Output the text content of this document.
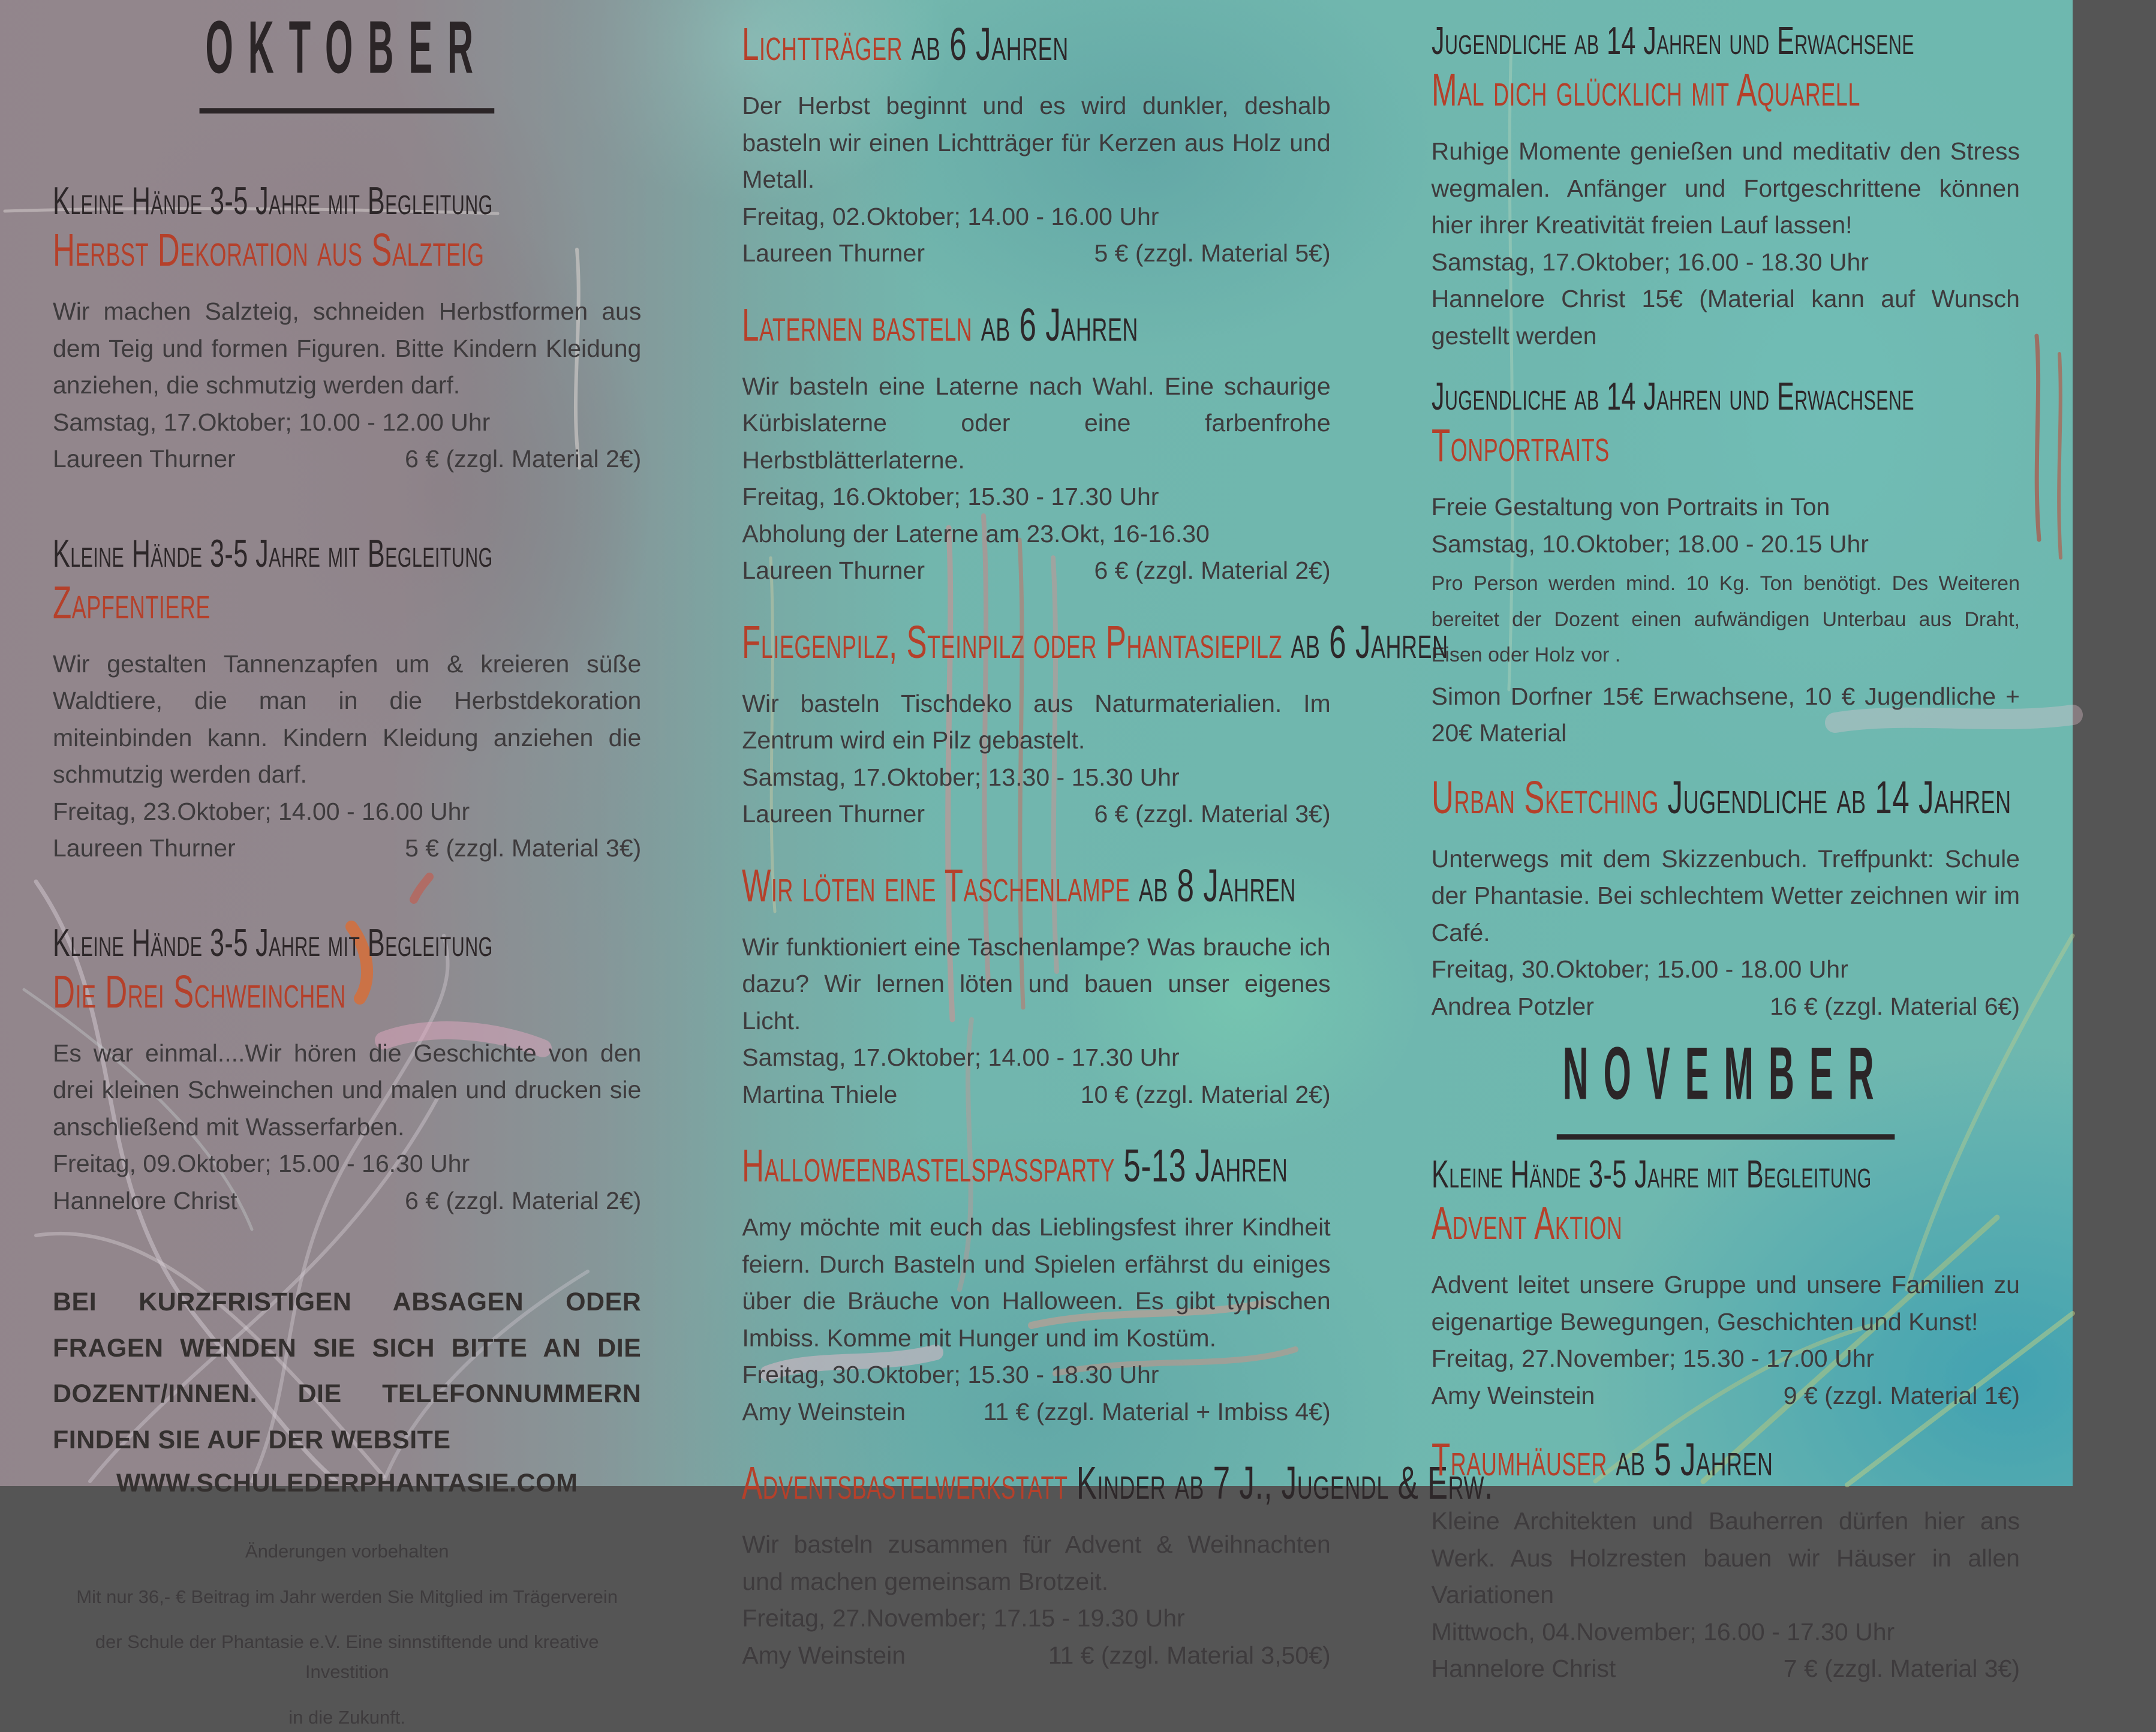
OKTOBER
Kleine Hände 3-5 Jahre mit Begleitung
Herbst Dekoration aus Salzteig

Wir machen Salzteig, schneiden Herbstformen aus dem Teig und formen Figuren. Bitte Kindern Kleidung anziehen, die schmutzig werden darf.

Samstag, 17.Oktober; 10.00 - 12.00 Uhr

Laureen Thurner	6 € (zzgl. Material 2€)

Kleine Hände 3-5 Jahre mit Begleitung
Zapfentiere

Wir gestalten Tannenzapfen um & kreieren süße Waldtiere, die man in die Herbstdekoration miteinbinden kann. Kindern Kleidung anziehen die schmutzig werden darf.

Freitag, 23.Oktober; 14.00 - 16.00 Uhr

Laureen Thurner	5 € (zzgl. Material 3€)

Kleine Hände 3-5 Jahre mit Begleitung
Die Drei Schweinchen

Es war einmal....Wir hören die Geschichte von den drei kleinen Schweinchen und malen und drucken sie anschließend mit Wasserfarben.

Freitag, 09.Oktober; 15.00 - 16.30 Uhr

Hannelore Christ	6 € (zzgl. Material 2€)

BEI KURZFRISTIGEN ABSAGEN ODER FRAGEN WENDEN SIE SICH BITTE AN DIE DOZENT/INNEN. DIE TELEFONNUMMERN FINDEN SIE AUF DER WEBSITE

WWW.SCHULEDERPHANTASIE.COM

Änderungen vorbehalten
Mit nur 36,- € Beitrag im Jahr werden Sie Mitglied im Trägerverein
der Schule der Phantasie e.V. Eine sinnstiftende und kreative Investition
in die Zukunft.
Lichtträger ab 6 Jahren

Der Herbst beginnt und es wird dunkler, deshalb basteln wir einen Lichtträger für Kerzen aus Holz und Metall.

Freitag, 02.Oktober; 14.00 - 16.00 Uhr

Laureen Thurner	5 € (zzgl. Material 5€)

Laternen basteln ab 6 Jahren

Wir basteln eine Laterne nach Wahl. Eine schaurige Kürbislaterne oder eine farbenfrohe Herbstblätterlaterne.

Freitag, 16.Oktober; 15.30 - 17.30 Uhr

Abholung der Laterne am 23.Okt, 16-16.30

Laureen Thurner	6 € (zzgl. Material 2€)

Fliegenpilz, Steinpilz oder Phantasiepilz ab 6 Jahren

Wir basteln Tischdeko aus Naturmaterialien. Im Zentrum wird ein Pilz gebastelt.

Samstag, 17.Oktober; 13.30 - 15.30 Uhr

Laureen Thurner	6 € (zzgl. Material 3€)

Wir löten eine Taschenlampe ab 8 Jahren

Wir funktioniert eine Taschenlampe? Was brauche ich dazu? Wir lernen löten und bauen unser eigenes Licht.

Samstag, 17.Oktober; 14.00 - 17.30 Uhr

Martina Thiele	10 € (zzgl. Material 2€)

Halloweenbastelspassparty 5-13 Jahren

Amy möchte mit euch das Lieblingsfest ihrer Kindheit feiern. Durch Basteln und Spielen erfährst du einiges über die Bräuche von Halloween. Es gibt typischen Imbiss. Komme mit Hunger und im Kostüm.

Freitag, 30.Oktober; 15.30 - 18.30 Uhr

Amy Weinstein	11 € (zzgl. Material + Imbiss 4€)

Adventsbastelwerkstatt Kinder ab 7 J., Jugendl & Erw.

Wir basteln zusammen für Advent & Weihnachten und machen gemeinsam Brotzeit.

Freitag, 27.November; 17.15 - 19.30 Uhr

Amy Weinstein	11 € (zzgl. Material 3,50€)

Jugendliche ab 14 Jahren und Erwachsene
Mal dich glücklich mit Aquarell

Ruhige Momente genießen und meditativ den Stress wegmalen. Anfänger und Fortgeschrittene können hier ihrer Kreativität freien Lauf lassen!

Samstag, 17.Oktober; 16.00 - 18.30 Uhr

Hannelore Christ 15€ (Material kann auf Wunsch gestellt werden

Jugendliche ab 14 Jahren und Erwachsene
Tonportraits

Freie Gestaltung von Portraits in Ton

Samstag, 10.Oktober; 18.00 - 20.15 Uhr

Pro Person werden mind. 10 Kg. Ton benötigt. Des Weiteren bereitet der Dozent einen aufwändigen Unterbau aus Draht, Eisen oder Holz vor .

Simon Dorfner 15€ Erwachsene, 10 € Jugendliche + 20€ Material

Urban Sketching Jugendliche ab 14 Jahren

Unterwegs mit dem Skizzenbuch. Treffpunkt: Schule der Phantasie. Bei schlechtem Wetter zeichnen wir im Café.

Freitag, 30.Oktober; 15.00 - 18.00 Uhr

Andrea Potzler	16 € (zzgl. Material 6€)

NOVEMBER
Kleine Hände 3-5 Jahre mit Begleitung
Advent Aktion

Advent leitet unsere Gruppe und unsere Familien zu eigenartige Bewegungen, Geschichten und Kunst!

Freitag, 27.November; 15.30 - 17.00 Uhr

Amy Weinstein	9 € (zzgl. Material 1€)

Traumhäuser ab 5 Jahren

Kleine Architekten und Bauherren dürfen hier ans Werk. Aus Holzresten bauen wir Häuser in allen Variationen

Mittwoch, 04.November; 16.00 - 17.30 Uhr

Hannelore Christ	7 € (zzgl. Material 3€)
